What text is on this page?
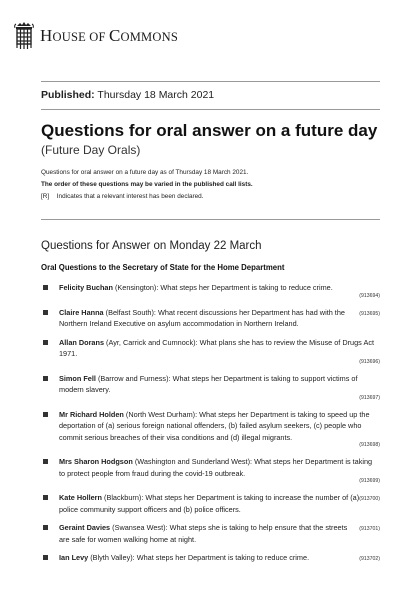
HOUSE OF COMMONS
Published: Thursday 18 March 2021
Questions for oral answer on a future day
(Future Day Orals)
Questions for oral answer on a future day as of Thursday 18 March 2021.
The order of these questions may be varied in the published call lists.
[R] Indicates that a relevant interest has been declared.
Questions for Answer on Monday 22 March
Oral Questions to the Secretary of State for the Home Department
Felicity Buchan (Kensington): What steps her Department is taking to reduce crime.
(913694)
(913695)
Claire Hanna (Belfast South): What recent discussions her Department has had with the Northern Ireland Executive on asylum accommodation in Northern Ireland.
Allan Dorans (Ayr, Carrick and Cumnock): What plans she has to review the Misuse of Drugs Act 1971.
(913696)
Simon Fell (Barrow and Furness): What steps her Department is taking to support victims of modern slavery.
(913697)
Mr Richard Holden (North West Durham): What steps her Department is taking to speed up the deportation of (a) serious foreign national offenders, (b) failed asylum seekers, (c) people who commit serious breaches of their visa conditions and (d) illegal migrants.
(913698)
Mrs Sharon Hodgson (Washington and Sunderland West): What steps her Department is taking to protect people from fraud during the covid-19 outbreak.
(913699)
(913700)
Kate Hollern (Blackburn): What steps her Department is taking to increase the number of (a) police community support officers and (b) police officers.
(913701)
Geraint Davies (Swansea West): What steps she is taking to help ensure that the streets are safe for women walking home at night.
(913702)
Ian Levy (Blyth Valley): What steps her Department is taking to reduce crime.
